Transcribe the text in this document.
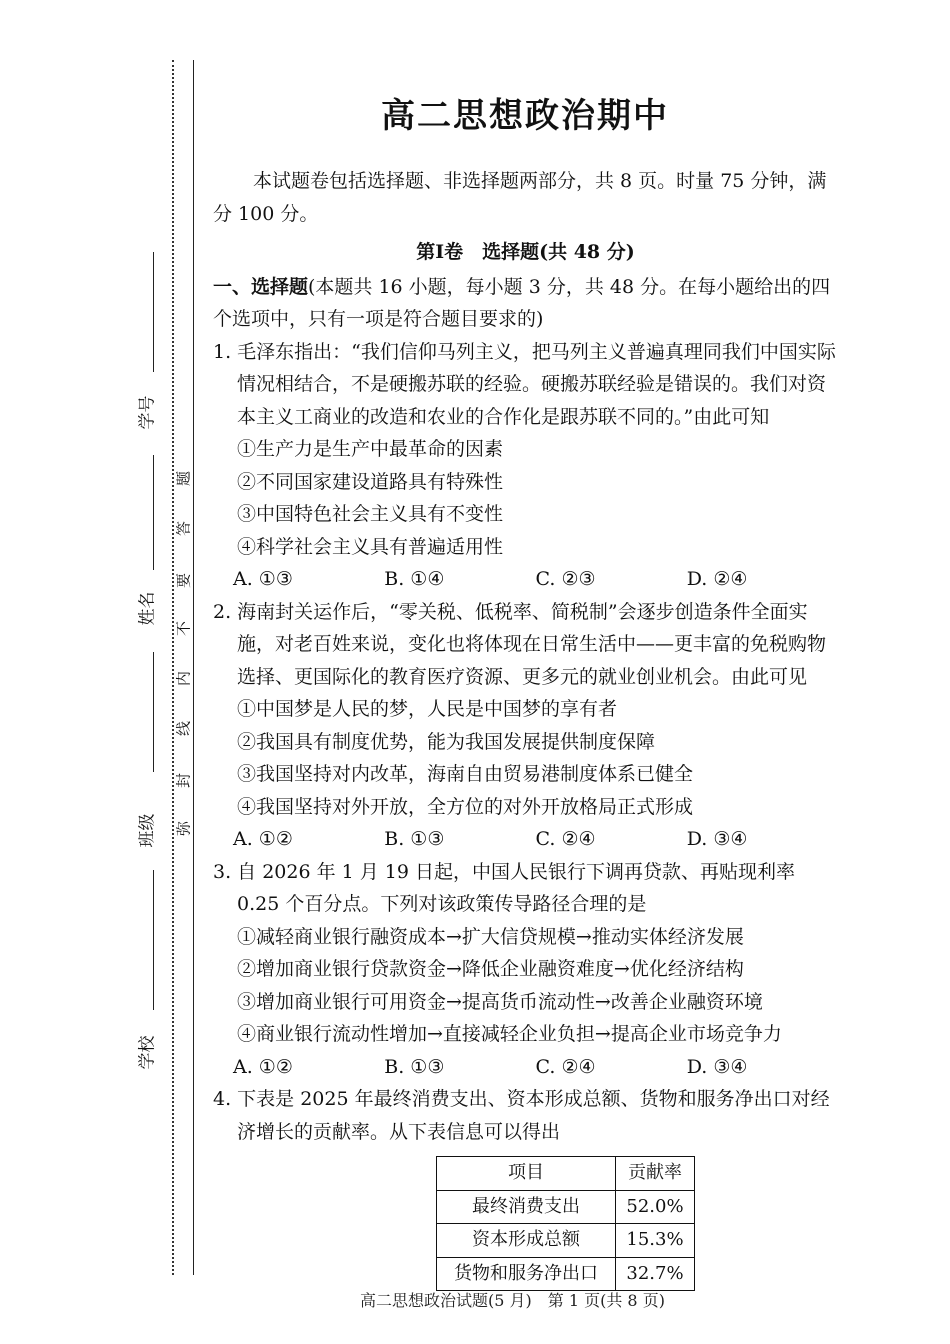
学号
姓名
班级
学校
题
答
要
不
内
线
封
弥
高二思想政治期中

本试题卷包括选择题、非选择题两部分，共 8 页。时量 75 分钟，满分 100 分。

第Ⅰ卷　选择题(共 48 分)

一、选择题(本题共 16 小题，每小题 3 分，共 48 分。在每小题给出的四个选项中，只有一项是符合题目要求的)

1. 毛泽东指出：“我们信仰马列主义，把马列主义普遍真理同我们中国实际情况相结合，不是硬搬苏联的经验。硬搬苏联经验是错误的。我们对资本主义工商业的改造和农业的合作化是跟苏联不同的。”由此可知

①生产力是生产中最革命的因素

②不同国家建设道路具有特殊性

③中国特色社会主义具有不变性

④科学社会主义具有普遍适用性

A. ①③	B. ①④	C. ②③	D. ②④

2. 海南封关运作后，“零关税、低税率、简税制”会逐步创造条件全面实施，对老百姓来说，变化也将体现在日常生活中——更丰富的免税购物选择、更国际化的教育医疗资源、更多元的就业创业机会。由此可见

①中国梦是人民的梦，人民是中国梦的享有者

②我国具有制度优势，能为我国发展提供制度保障

③我国坚持对内改革，海南自由贸易港制度体系已健全

④我国坚持对外开放，全方位的对外开放格局正式形成

A. ①②	B. ①③	C. ②④	D. ③④

3. 自 2026 年 1 月 19 日起，中国人民银行下调再贷款、再贴现利率 0.25 个百分点。下列对该政策传导路径合理的是

①减轻商业银行融资成本→扩大信贷规模→推动实体经济发展

②增加商业银行贷款资金→降低企业融资难度→优化经济结构

③增加商业银行可用资金→提高货币流动性→改善企业融资环境

④商业银行流动性增加→直接减轻企业负担→提高企业市场竞争力

A. ①②	B. ①③	C. ②④	D. ③④

4. 下表是 2025 年最终消费支出、资本形成总额、货物和服务净出口对经济增长的贡献率。从下表信息可以得出

项目	贡献率
最终消费支出	52.0%
资本形成总额	15.3%
货物和服务净出口	32.7%
高二思想政治试题(5 月)　第 1 页(共 8 页)
